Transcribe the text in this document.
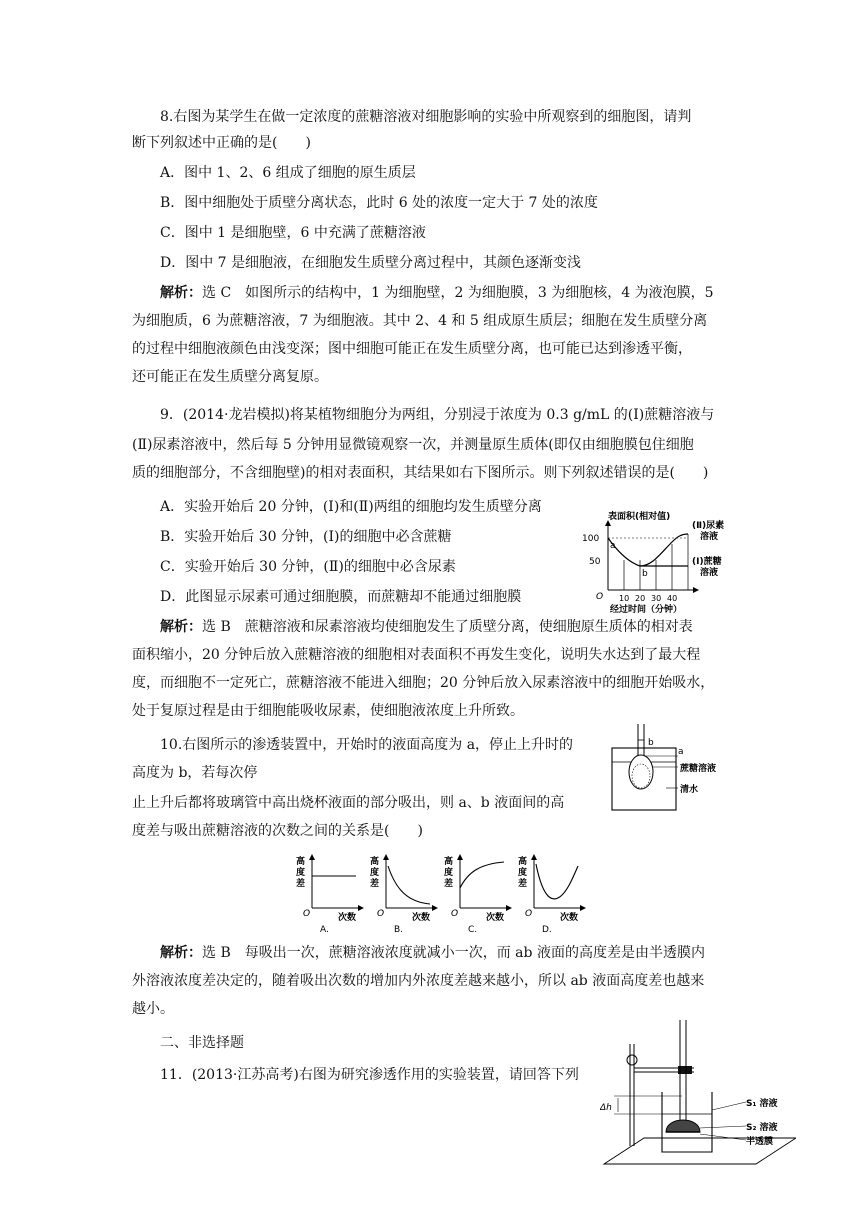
8.右图为某学生在做一定浓度的蔗糖溶液对细胞影响的实验中所观察到的细胞图，请判
断下列叙述中正确的是(　　)
A．图中 1、2、6 组成了细胞的原生质层
B．图中细胞处于质壁分离状态，此时 6 处的浓度一定大于 7 处的浓度
C．图中 1 是细胞壁，6 中充满了蔗糖溶液
D．图中 7 是细胞液，在细胞发生质壁分离过程中，其颜色逐渐变浅
解析：选 C　如图所示的结构中，1 为细胞壁，2 为细胞膜，3 为细胞核，4 为液泡膜，5
为细胞质，6 为蔗糖溶液，7 为细胞液。其中 2、4 和 5 组成原生质层；细胞在发生质壁分离
的过程中细胞液颜色由浅变深；图中细胞可能正在发生质壁分离，也可能已达到渗透平衡，
还可能正在发生质壁分离复原。
9．(2014·龙岩模拟)将某植物细胞分为两组，分别浸于浓度为 0.3 g/mL 的(Ⅰ)蔗糖溶液与
(Ⅱ)尿素溶液中，然后每 5 分钟用显微镜观察一次，并测量原生质体(即仅由细胞膜包住细胞
质的细胞部分，不含细胞壁)的相对表面积，其结果如右下图所示。则下列叙述错误的是(　　)
A．实验开始后 20 分钟，(Ⅰ)和(Ⅱ)两组的细胞均发生质壁分离
B．实验开始后 30 分钟，(Ⅰ)的细胞中必含蔗糖
C．实验开始后 30 分钟，(Ⅱ)的细胞中必含尿素
D．此图显示尿素可通过细胞膜，而蔗糖却不能通过细胞膜
表面积(相对值)
100
50
O
a
b
10 20 30 40
经过时间（分钟）
(Ⅱ)尿素
溶液
(Ⅰ)蔗糖
溶液
解析：选 B　蔗糖溶液和尿素溶液均使细胞发生了质壁分离，使细胞原生质体的相对表
面积缩小，20 分钟后放入蔗糖溶液的细胞相对表面积不再发生变化，说明失水达到了最大程
度，而细胞不一定死亡，蔗糖溶液不能进入细胞；20 分钟后放入尿素溶液中的细胞开始吸水，
处于复原过程是由于细胞能吸收尿素，使细胞液浓度上升所致。
10.右图所示的渗透装置中，开始时的液面高度为 a，停止上升时的
高度为 b，若每次停
止上升后都将玻璃管中高出烧杯液面的部分吸出，则 a、b 液面间的高
度差与吸出蔗糖溶液的次数之间的关系是(　　)
b
a
蔗糖溶液
清水
高
度
差
O	次数
A.
高
度
差
O	次数
B.
高
度
差
O	次数
C.
高
度
差
O	次数
D.
解析：选 B　每吸出一次，蔗糖溶液浓度就减小一次，而 ab 液面的高度差是由半透膜内
外溶液浓度差决定的，随着吸出次数的增加内外浓度差越来越小，所以 ab 液面高度差也越来
越小。
二、非选择题
11．(2013·江苏高考)右图为研究渗透作用的实验装置，请回答下列
Δh	S₁ 溶液
S₂ 溶液
半透膜
